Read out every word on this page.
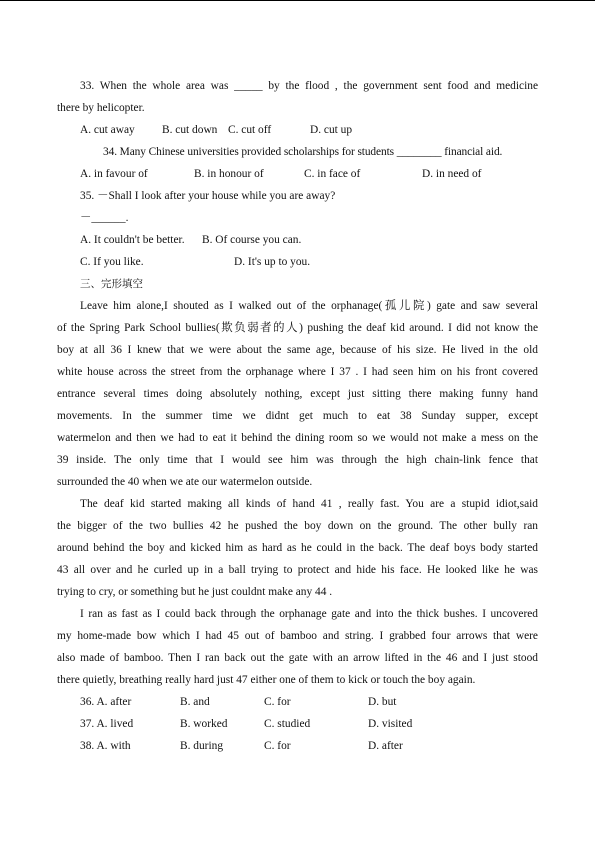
33. When the whole area was _____ by the flood , the government sent food and medicine
there by helicopter.
A. cut away	B. cut down C. cut off	D. cut up
34. Many Chinese universities provided scholarships for students ________ financial aid.
A. in favour of	B. in honour of	C. in face of	D. in need of
35. －Shall I look after your house while you are away?
－______.
A. It couldn't be better.	B. Of course you can.
C. If you like.	D. It's up to you.
三、完形填空
Leave him alone,I shouted as I walked out of the orphanage(孤儿院) gate and saw several
of the Spring Park School bullies(欺负弱者的人) pushing the deaf kid around. I did not know the
boy at all 36 I knew that we were about the same age, because of his size. He lived in the old
white house across the street from the orphanage where I 37 . I had seen him on his front covered
entrance several times doing absolutely nothing, except just sitting there making funny hand
movements. In the summer time we didnt get much to eat 38 Sunday supper, except
watermelon and then we had to eat it behind the dining room so we would not make a mess on the
39 inside. The only time that I would see him was through the high chain-link fence that
surrounded the 40 when we ate our watermelon outside.
The deaf kid started making all kinds of hand 41 , really fast. You are a stupid idiot,said
the bigger of the two bullies 42 he pushed the boy down on the ground. The other bully ran
around behind the boy and kicked him as hard as he could in the back. The deaf boys body started
43 all over and he curled up in a ball trying to protect and hide his face. He looked like he was
trying to cry, or something but he just couldnt make any 44 .
I ran as fast as I could back through the orphanage gate and into the thick bushes. I uncovered
my home-made bow which I had 45 out of bamboo and string. I grabbed four arrows that were
also made of bamboo. Then I ran back out the gate with an arrow lifted in the 46 and I just stood
there quietly, breathing really hard just 47 either one of them to kick or touch the boy again.
36. A. after	B. and	C. for	D. but
37. A. lived	B. worked	C. studied	D. visited
38. A. with	B. during	C. for	D. after
